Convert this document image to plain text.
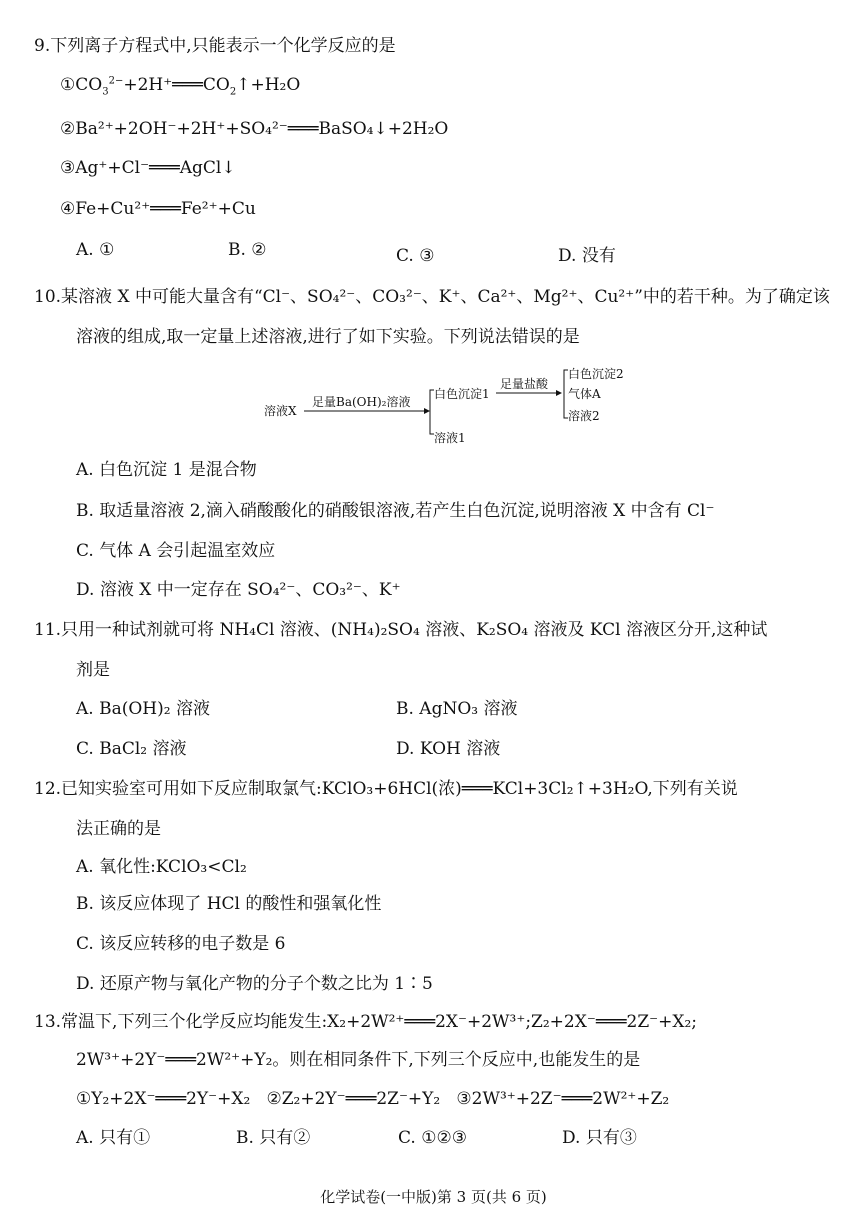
9.下列离子方程式中,只能表示一个化学反应的是
$①CO_3^{2-}+2H^+═══CO_2↑+H_2O$
②Ba²⁺+2OH⁻+2H⁺+SO₄²⁻═══BaSO₄↓+2H₂O
③Ag⁺+Cl⁻═══AgCl↓
④Fe+Cu²⁺═══Fe²⁺+Cu
A. ①	B. ②	C. ③	D. 没有
10.某溶液 X 中可能大量含有“Cl⁻、SO₄²⁻、CO₃²⁻、K⁺、Ca²⁺、Mg²⁺、Cu²⁺”中的若干种。为了确定该
溶液的组成,取一定量上述溶液,进行了如下实验。下列说法错误的是
溶液X
足量Ba(OH)₂溶液
白色沉淀1
溶液1
足量盐酸
白色沉淀2
气体A
溶液2
A. 白色沉淀 1 是混合物
B. 取适量溶液 2,滴入硝酸酸化的硝酸银溶液,若产生白色沉淀,说明溶液 X 中含有 Cl⁻
C. 气体 A 会引起温室效应
D. 溶液 X 中一定存在 SO₄²⁻、CO₃²⁻、K⁺
11.只用一种试剂就可将 NH₄Cl 溶液、(NH₄)₂SO₄ 溶液、K₂SO₄ 溶液及 KCl 溶液区分开,这种试
剂是
A. Ba(OH)₂ 溶液	B. AgNO₃ 溶液
C. BaCl₂ 溶液	D. KOH 溶液
12.已知实验室可用如下反应制取氯气:KClO₃+6HCl(浓)═══KCl+3Cl₂↑+3H₂O,下列有关说
法正确的是
A. 氧化性:KClO₃<Cl₂
B. 该反应体现了 HCl 的酸性和强氧化性
C. 该反应转移的电子数是 6
D. 还原产物与氧化产物的分子个数之比为 1∶5
13.常温下,下列三个化学反应均能发生:X₂+2W²⁺═══2X⁻+2W³⁺;Z₂+2X⁻═══2Z⁻+X₂;
2W³⁺+2Y⁻═══2W²⁺+Y₂。则在相同条件下,下列三个反应中,也能发生的是
①Y₂+2X⁻═══2Y⁻+X₂   ②Z₂+2Y⁻═══2Z⁻+Y₂   ③2W³⁺+2Z⁻═══2W²⁺+Z₂
A. 只有①	B. 只有②	C. ①②③	D. 只有③
化学试卷(一中版)第 3 页(共 6 页)
